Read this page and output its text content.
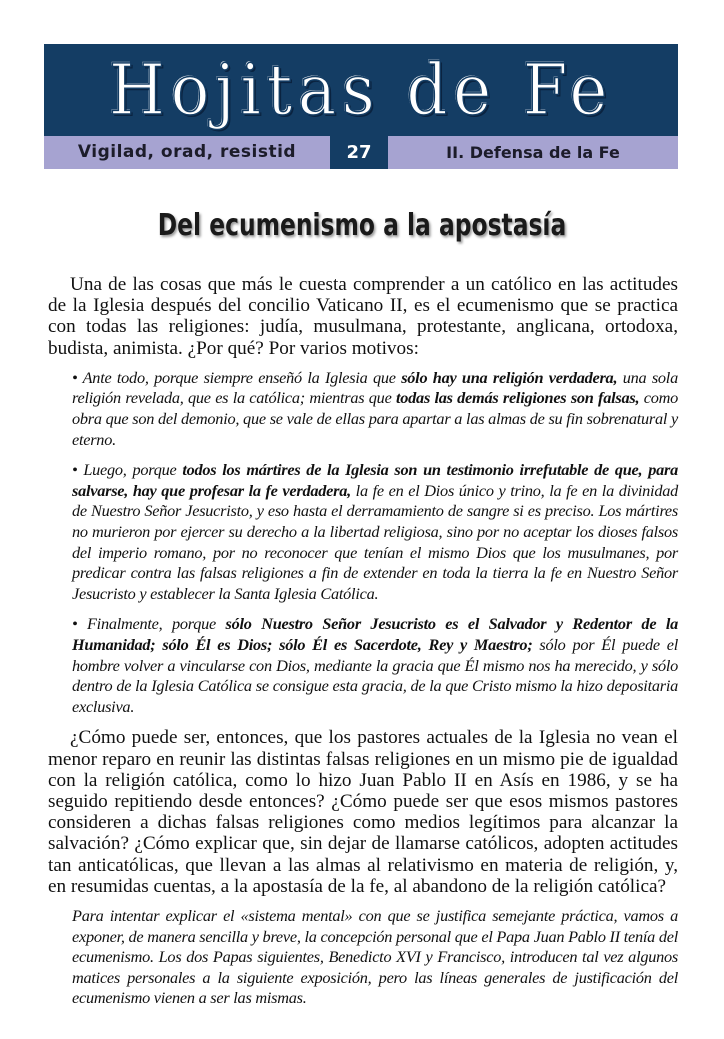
Hojitas de Fe
Vigilad, orad, resistid	27	II. Defensa de la Fe
Del ecumenismo a la apostasía
Una de las cosas que más le cuesta comprender a un católico en las actitudes de la Iglesia después del concilio Vaticano II, es el ecumenismo que se practica con todas las religiones: judía, musulmana, protestante, anglicana, ortodoxa, budista, animista. ¿Por qué? Por varios motivos:
• Ante todo, porque siempre enseñó la Iglesia que sólo hay una religión verdadera, una sola religión revelada, que es la católica; mientras que todas las demás religiones son falsas, como obra que son del demonio, que se vale de ellas para apartar a las almas de su fin sobrenatural y eterno.
• Luego, porque todos los mártires de la Iglesia son un testimonio irrefutable de que, para salvarse, hay que profesar la fe verdadera, la fe en el Dios único y trino, la fe en la divinidad de Nuestro Señor Jesucristo, y eso hasta el derramamiento de sangre si es preciso. Los mártires no murieron por ejercer su derecho a la libertad religiosa, sino por no aceptar los dioses falsos del imperio romano, por no reconocer que tenían el mismo Dios que los musulmanes, por predicar contra las falsas religiones a fin de extender en toda la tierra la fe en Nuestro Señor Jesucristo y establecer la Santa Iglesia Católica.
• Finalmente, porque sólo Nuestro Señor Jesucristo es el Salvador y Redentor de la Humanidad; sólo Él es Dios; sólo Él es Sacerdote, Rey y Maestro; sólo por Él puede el hombre volver a vincularse con Dios, mediante la gracia que Él mismo nos ha merecido, y sólo dentro de la Iglesia Católica se consigue esta gracia, de la que Cristo mismo la hizo depositaria exclusiva.
¿Cómo puede ser, entonces, que los pastores actuales de la Iglesia no vean el menor reparo en reunir las distintas falsas religiones en un mismo pie de igualdad con la religión católica, como lo hizo Juan Pablo II en Asís en 1986, y se ha seguido repitiendo desde entonces? ¿Cómo puede ser que esos mismos pastores consideren a dichas falsas religiones como medios legítimos para alcanzar la salvación? ¿Cómo explicar que, sin dejar de llamarse católicos, adopten actitudes tan anticatólicas, que llevan a las almas al relativismo en materia de religión, y, en resumidas cuentas, a la apostasía de la fe, al abandono de la religión católica?
Para intentar explicar el «sistema mental» con que se justifica semejante práctica, vamos a exponer, de manera sencilla y breve, la concepción personal que el Papa Juan Pablo II tenía del ecumenismo. Los dos Papas siguientes, Benedicto XVI y Francisco, introducen tal vez algunos matices personales a la siguiente exposición, pero las líneas generales de justificación del ecumenismo vienen a ser las mismas.
